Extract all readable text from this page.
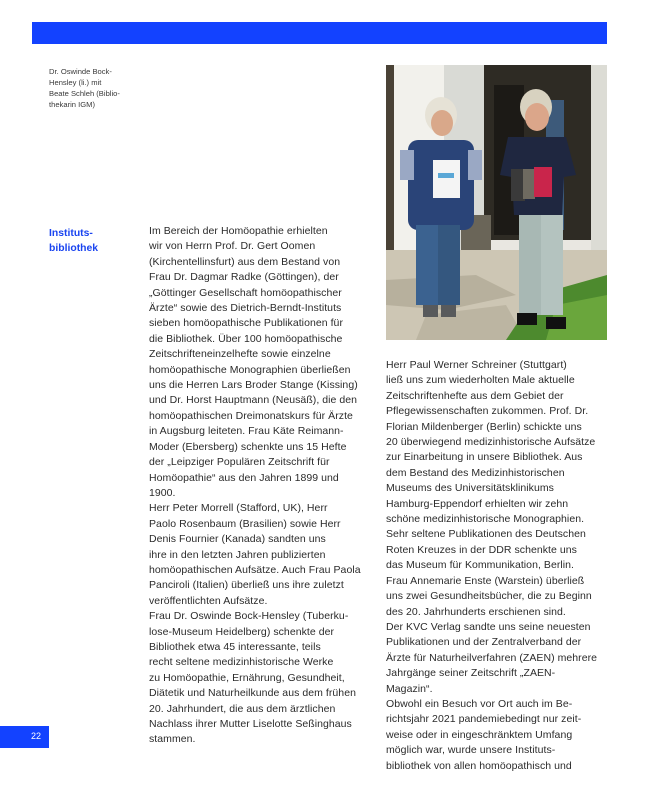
Dr. Oswinde Bock-
Hensley (li.) mit
Beate Schleh (Biblio-
thekarin IGM)
Instituts-
bibliothek
Im Bereich der Homöopathie erhielten
wir von Herrn Prof. Dr. Gert Oomen
(Kirchentellinsfurt) aus dem Bestand von
Frau Dr. Dagmar Radke (Göttingen), der
„Göttinger Gesellschaft homöopathischer
Ärzte“ sowie des Dietrich-Berndt-Instituts
sieben homöopathische Publikationen für
die Bibliothek. Über 100 homöopathische
Zeitschrifteneinzelhefte sowie einzelne
homöopathische Monographien überließen
uns die Herren Lars Broder Stange (Kissing)
und Dr. Horst Hauptmann (Neusäß), die den
homöopathischen Dreimonatskurs für Ärzte
in Augsburg leiteten. Frau Käte Reimann-
Moder (Ebersberg) schenkte uns 15 Hefte
der „Leipziger Populären Zeitschrift für
Homöopathie“ aus den Jahren 1899 und
1900.
Herr Peter Morrell (Stafford, UK), Herr
Paolo Rosenbaum (Brasilien) sowie Herr
Denis Fournier (Kanada) sandten uns
ihre in den letzten Jahren publizierten
homöopathischen Aufsätze. Auch Frau Paola
Panciroli (Italien) überließ uns ihre zuletzt
veröffentlichten Aufsätze.
Frau Dr. Oswinde Bock-Hensley (Tuberku-
lose-Museum Heidelberg) schenkte der
Bibliothek etwa 45 interessante, teils
recht seltene medizinhistorische Werke
zu Homöopathie, Ernährung, Gesundheit,
Diätetik und Naturheilkunde aus dem frühen
20. Jahrhundert, die aus dem ärztlichen
Nachlass ihrer Mutter Liselotte Seßinghaus
stammen.
Herr Paul Werner Schreiner (Stuttgart)
ließ uns zum wiederholten Male aktuelle
Zeitschriftenhefte aus dem Gebiet der
Pflegewissenschaften zukommen. Prof. Dr.
Florian Mildenberger (Berlin) schickte uns
20 überwiegend medizinhistorische Aufsätze
zur Einarbeitung in unsere Bibliothek. Aus
dem Bestand des Medizinhistorischen
Museums des Universitätsklinikums
Hamburg-Eppendorf erhielten wir zehn
schöne medizinhistorische Monographien.
Sehr seltene Publikationen des Deutschen
Roten Kreuzes in der DDR schenkte uns
das Museum für Kommunikation, Berlin.
Frau Annemarie Enste (Warstein) überließ
uns zwei Gesundheitsbücher, die zu Beginn
des 20. Jahrhunderts erschienen sind.
Der KVC Verlag sandte uns seine neuesten
Publikationen und der Zentralverband der
Ärzte für Naturheilverfahren (ZAEN) mehrere
Jahrgänge seiner Zeitschrift „ZAEN-
Magazin“.
Obwohl ein Besuch vor Ort auch im Be-
richtsjahr 2021 pandemiebedingt nur zeit-
weise oder in eingeschränktem Umfang
möglich war, wurde unsere Instituts-
bibliothek von allen homöopathisch und
22
